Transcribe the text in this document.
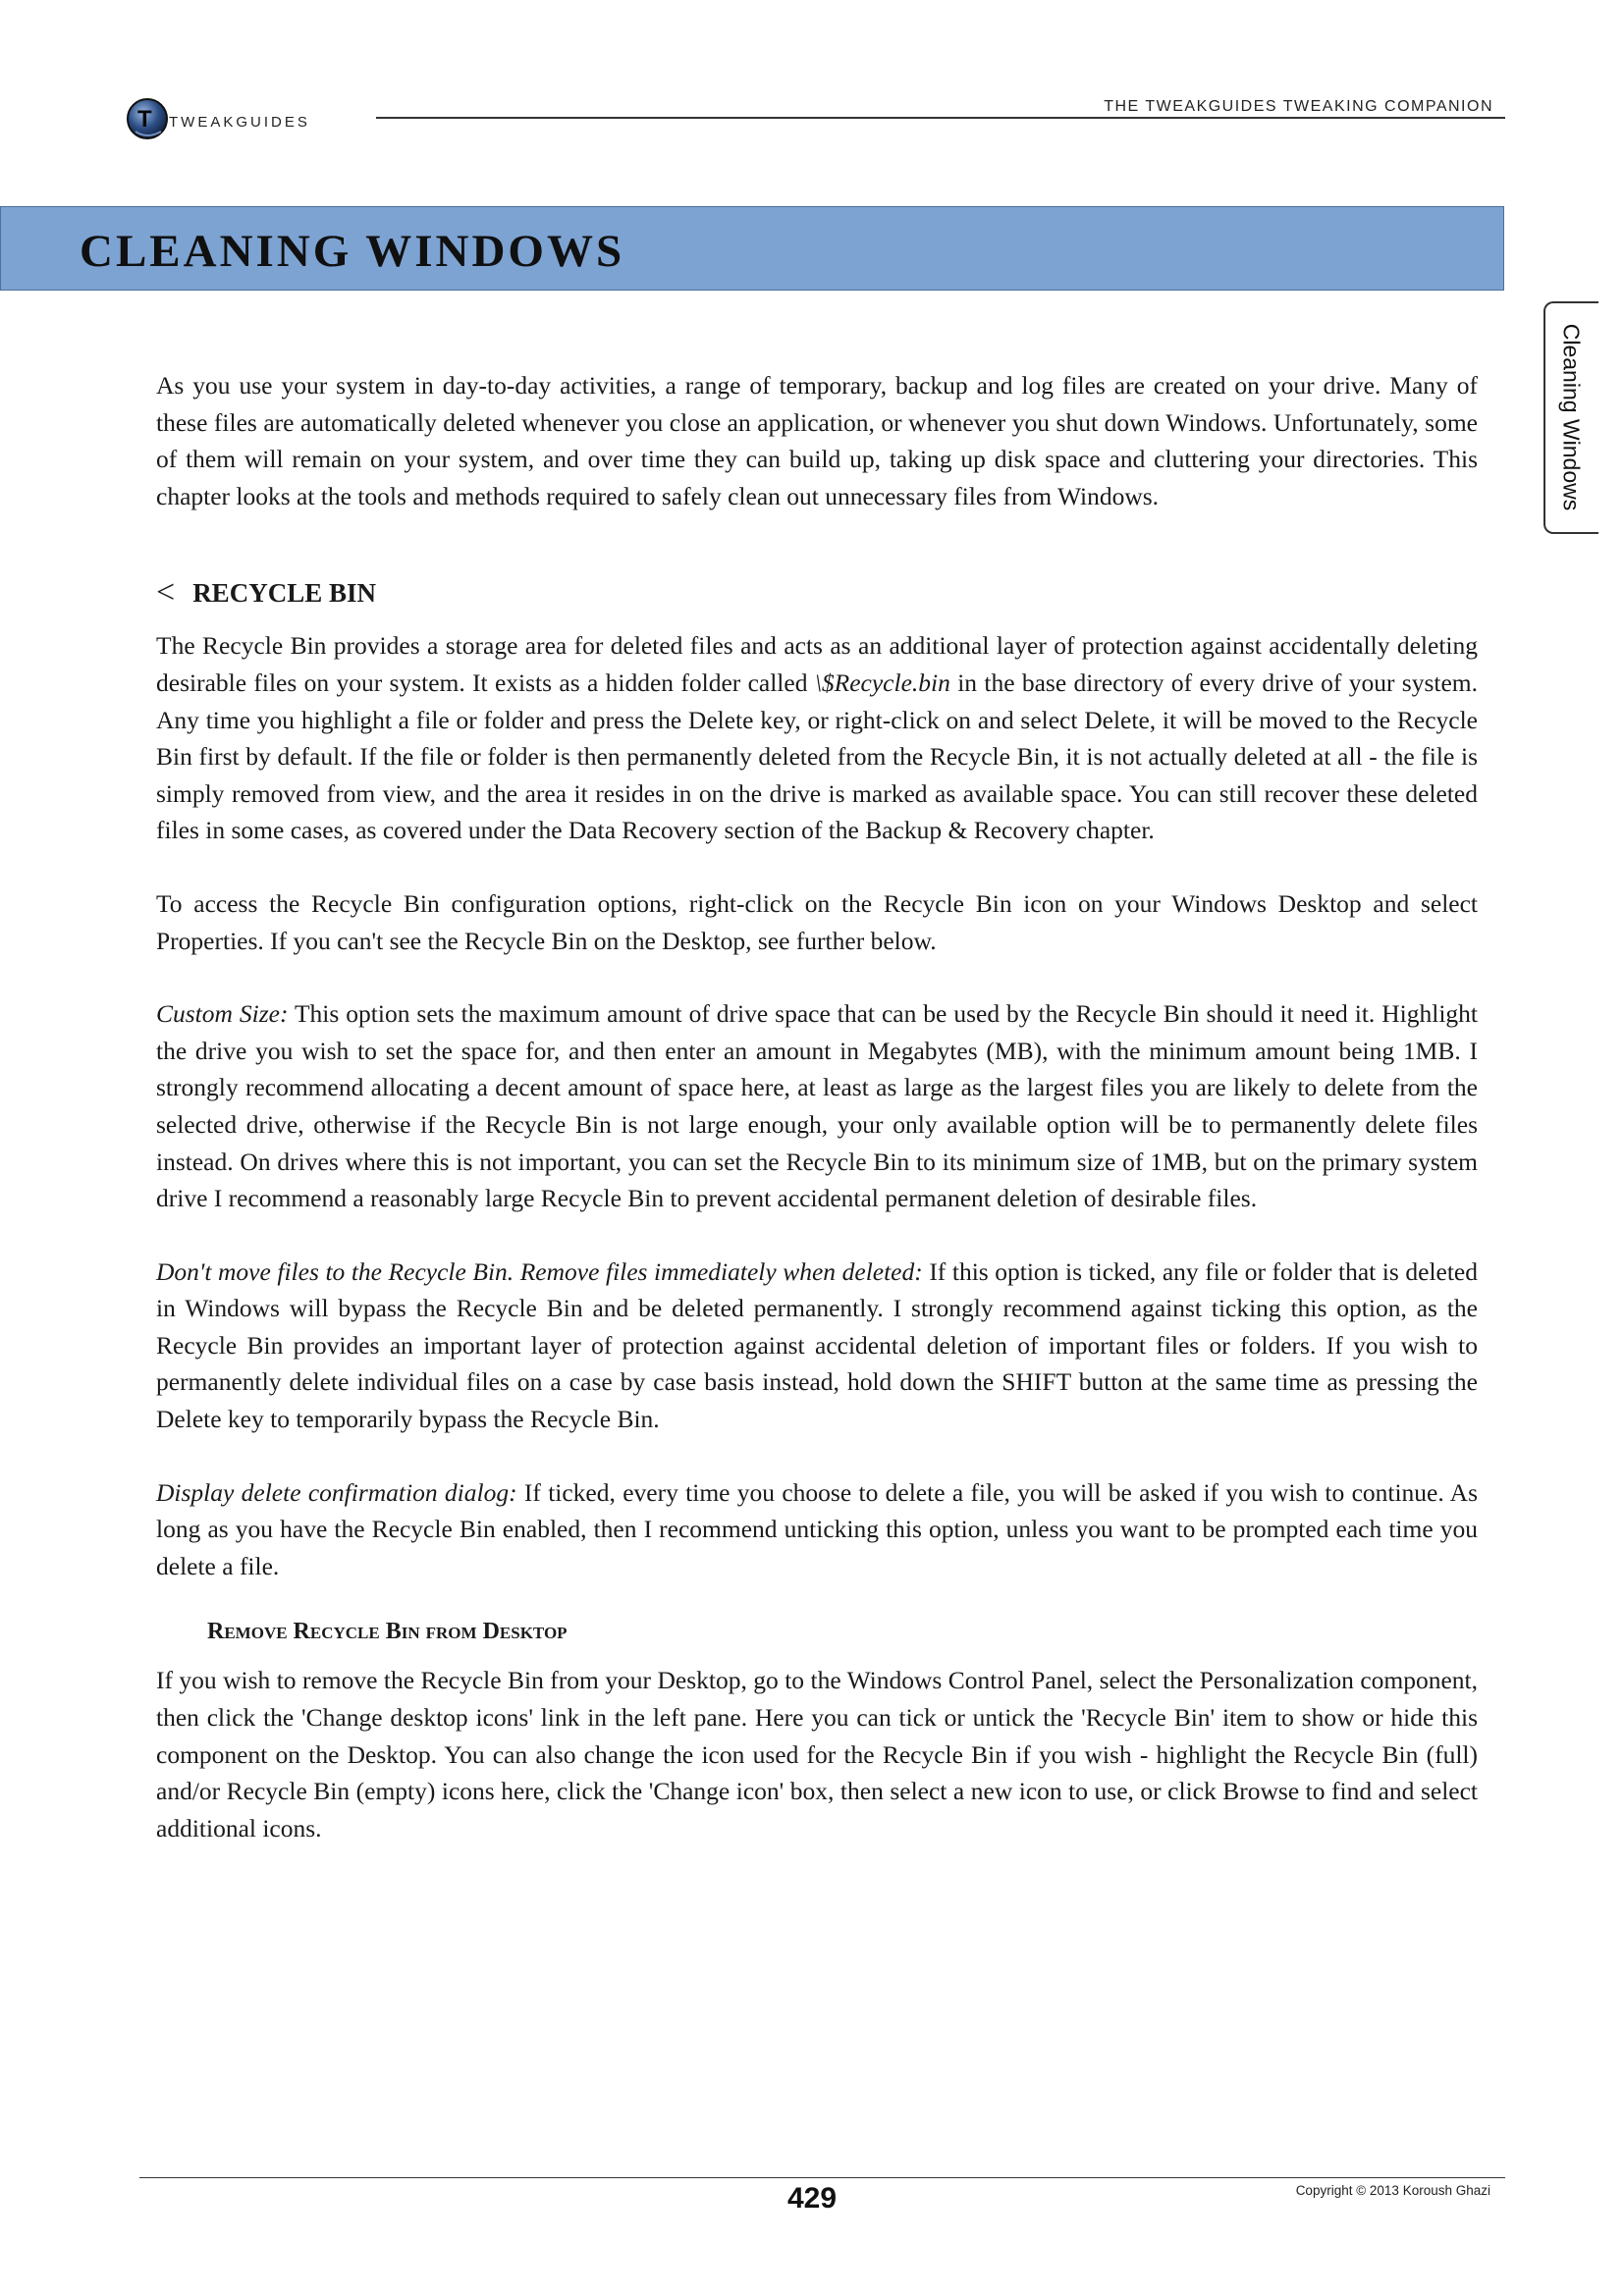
T TWEAKGUIDES
THE TWEAKGUIDES TWEAKING COMPANION
CLEANING WINDOWS
Cleaning Windows

As you use your system in day-to-day activities, a range of temporary, backup and log files are created on your drive. Many of these files are automatically deleted whenever you close an application, or whenever you shut down Windows. Unfortunately, some of them will remain on your system, and over time they can build up, taking up disk space and cluttering your directories. This chapter looks at the tools and methods required to safely clean out unnecessary files from Windows.

< RECYCLE BIN

The Recycle Bin provides a storage area for deleted files and acts as an additional layer of protection against accidentally deleting desirable files on your system. It exists as a hidden folder called \$Recycle.bin in the base directory of every drive of your system. Any time you highlight a file or folder and press the Delete key, or right-click on and select Delete, it will be moved to the Recycle Bin first by default. If the file or folder is then permanently deleted from the Recycle Bin, it is not actually deleted at all - the file is simply removed from view, and the area it resides in on the drive is marked as available space. You can still recover these deleted files in some cases, as covered under the Data Recovery section of the Backup & Recovery chapter.

To access the Recycle Bin configuration options, right-click on the Recycle Bin icon on your Windows Desktop and select Properties. If you can't see the Recycle Bin on the Desktop, see further below.

Custom Size: This option sets the maximum amount of drive space that can be used by the Recycle Bin should it need it. Highlight the drive you wish to set the space for, and then enter an amount in Megabytes (MB), with the minimum amount being 1MB. I strongly recommend allocating a decent amount of space here, at least as large as the largest files you are likely to delete from the selected drive, otherwise if the Recycle Bin is not large enough, your only available option will be to permanently delete files instead. On drives where this is not important, you can set the Recycle Bin to its minimum size of 1MB, but on the primary system drive I recommend a reasonably large Recycle Bin to prevent accidental permanent deletion of desirable files.

Don't move files to the Recycle Bin. Remove files immediately when deleted: If this option is ticked, any file or folder that is deleted in Windows will bypass the Recycle Bin and be deleted permanently. I strongly recommend against ticking this option, as the Recycle Bin provides an important layer of protection against accidental deletion of important files or folders. If you wish to permanently delete individual files on a case by case basis instead, hold down the SHIFT button at the same time as pressing the Delete key to temporarily bypass the Recycle Bin.

Display delete confirmation dialog: If ticked, every time you choose to delete a file, you will be asked if you wish to continue. As long as you have the Recycle Bin enabled, then I recommend unticking this option, unless you want to be prompted each time you delete a file.

Remove Recycle Bin from Desktop

If you wish to remove the Recycle Bin from your Desktop, go to the Windows Control Panel, select the Personalization component, then click the 'Change desktop icons' link in the left pane. Here you can tick or untick the 'Recycle Bin' item to show or hide this component on the Desktop. You can also change the icon used for the Recycle Bin if you wish - highlight the Recycle Bin (full) and/or Recycle Bin (empty) icons here, click the 'Change icon' box, then select a new icon to use, or click Browse to find and select additional icons.

429	Copyright © 2013 Koroush Ghazi
